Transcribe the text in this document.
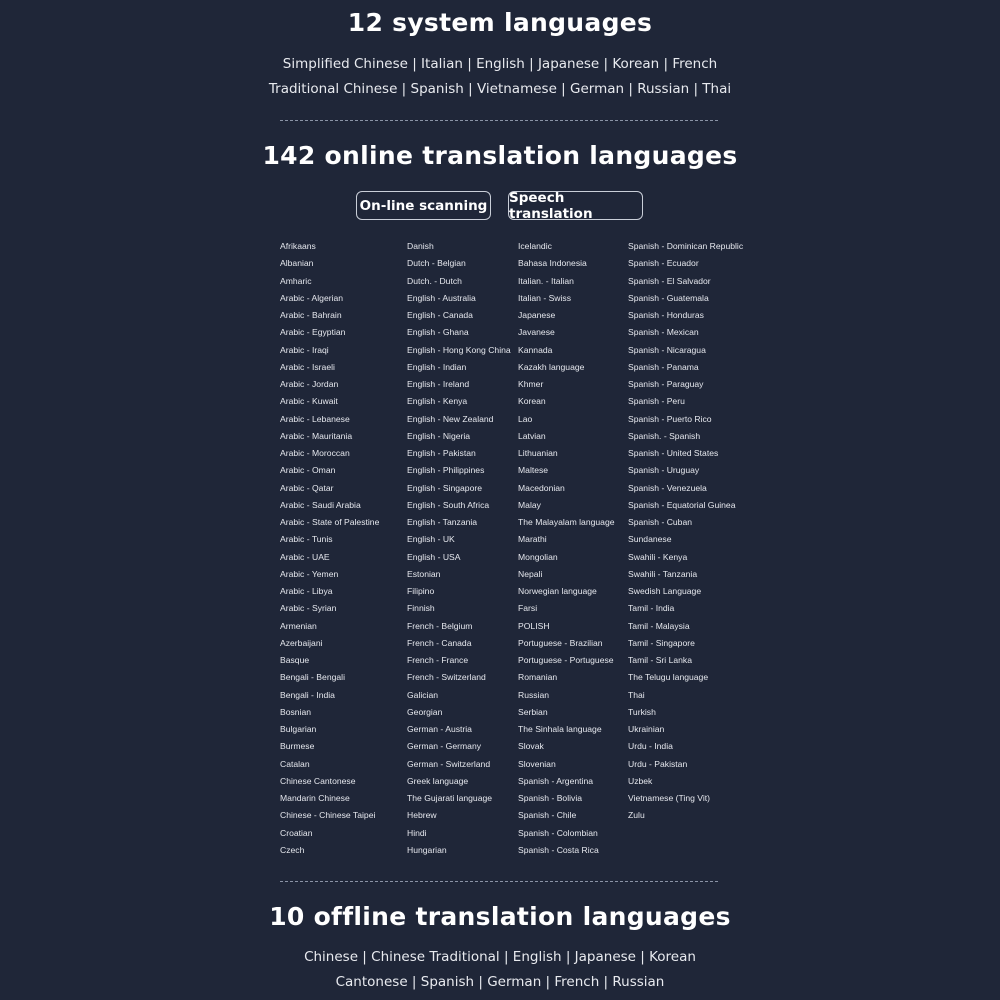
12 system languages
Simplified Chinese | Italian | English | Japanese | Korean | French
Traditional Chinese | Spanish | Vietnamese | German | Russian | Thai
142 online translation languages
On-line scanning Speech translation
Afrikaans
Albanian
Amharic
Arabic - Algerian
Arabic - Bahrain
Arabic - Egyptian
Arabic - Iraqi
Arabic - Israeli
Arabic - Jordan
Arabic - Kuwait
Arabic - Lebanese
Arabic - Mauritania
Arabic - Moroccan
Arabic - Oman
Arabic - Qatar
Arabic - Saudi Arabia
Arabic - State of Palestine
Arabic - Tunis
Arabic - UAE
Arabic - Yemen
Arabic - Libya
Arabic - Syrian
Armenian
Azerbaijani
Basque
Bengali - Bengali
Bengali - India
Bosnian
Bulgarian
Burmese
Catalan
Chinese Cantonese
Mandarin Chinese
Chinese - Chinese Taipei
Croatian
Czech
Danish
Dutch - Belgian
Dutch. - Dutch
English - Australia
English - Canada
English - Ghana
English - Hong Kong China
English - Indian
English - Ireland
English - Kenya
English - New Zealand
English - Nigeria
English - Pakistan
English - Philippines
English - Singapore
English - South Africa
English - Tanzania
English - UK
English - USA
Estonian
Filipino
Finnish
French - Belgium
French - Canada
French - France
French - Switzerland
Galician
Georgian
German - Austria
German - Germany
German - Switzerland
Greek language
The Gujarati language
Hebrew
Hindi
Hungarian
Icelandic
Bahasa Indonesia
Italian. - Italian
Italian - Swiss
Japanese
Javanese
Kannada
Kazakh language
Khmer
Korean
Lao
Latvian
Lithuanian
Maltese
Macedonian
Malay
The Malayalam language
Marathi
Mongolian
Nepali
Norwegian language
Farsi
POLISH
Portuguese - Brazilian
Portuguese - Portuguese
Romanian
Russian
Serbian
The Sinhala language
Slovak
Slovenian
Spanish - Argentina
Spanish - Bolivia
Spanish - Chile
Spanish - Colombian
Spanish - Costa Rica
Spanish - Dominican Republic
Spanish - Ecuador
Spanish - El Salvador
Spanish - Guatemala
Spanish - Honduras
Spanish - Mexican
Spanish - Nicaragua
Spanish - Panama
Spanish - Paraguay
Spanish - Peru
Spanish - Puerto Rico
Spanish. - Spanish
Spanish - United States
Spanish - Uruguay
Spanish - Venezuela
Spanish - Equatorial Guinea
Spanish - Cuban
Sundanese
Swahili - Kenya
Swahili - Tanzania
Swedish Language
Tamil - India
Tamil - Malaysia
Tamil - Singapore
Tamil - Sri Lanka
The Telugu language
Thai
Turkish
Ukrainian
Urdu - India
Urdu - Pakistan
Uzbek
Vietnamese (Ting Vit)
Zulu
10 offline translation languages
Chinese | Chinese Traditional | English | Japanese | Korean
Cantonese | Spanish | German | French | Russian
